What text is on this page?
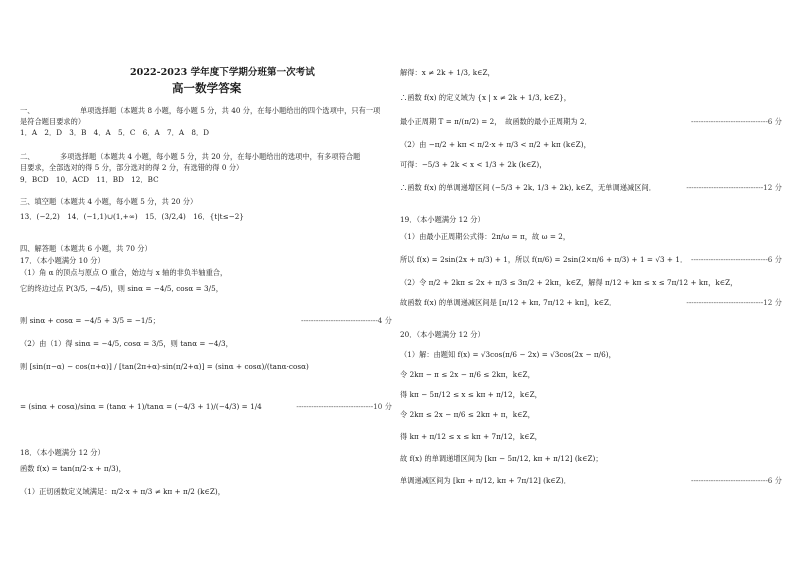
2022-2023 学年度下学期分班第一次考试
高一数学答案
单项选择题（本题共 8 小题，每小题 5 分，共 40 分，在每小题给出的四个选项中，只有一项
一、
是符合题目要求的）
1．A　2．D　3．B　4．A　5．C　6．A　7．A　8．D
二、	多项选择题（本题共 4 小题，每小题 5 分，共 20 分，在每小题给出的选项中，有多项符合题
目要求，全部选对的得 5 分，部分选对的得 2 分，有选错的得 0 分）
9．BCD　10．ACD　11．BD　12．BC
三、填空题（本题共 4 小题，每小题 5 分，共 20 分）
13．(−2,2)　14．(−1,1)∪(1,+∞)　15．(3/2,4)　16．{t|t≤−2}
四、解答题（本题共 6 小题，共 70 分）
17．（本小题满分 10 分）
（1）角 α 的顶点与原点 O 重合，始边与 x 轴的非负半轴重合，
它的终边过点 P(3/5, −4/5)，则 sinα = −4/5, cosα = 3/5，
则 sinα + cosα = −4/5 + 3/5 = −1/5；
（2）由（1）得 sinα = −4/5, cosα = 3/5，则 tanα = −4/3，
则 [sin(π−α) − cos(π+α)] / [tan(2π+α)·sin(π/2+α)] = (sinα + cosα)/(tanα·cosα)
= (sinα + cosα)/sinα = (tanα + 1)/tanα = (−4/3 + 1)/(−4/3) = 1/4
18．（本小题满分 12 分）
函数 f(x) = tan(π/2·x + π/3)，
（1）正切函数定义域满足：π/2·x + π/3 ≠ kπ + π/2 (k∈Z)，
-------------------------------4 分
-------------------------------10 分
解得：x ≠ 2k + 1/3, k∈Z，
∴函数 f(x) 的定义域为 {x | x ≠ 2k + 1/3, k∈Z}，
最小正周期 T = π/(π/2) = 2，　故函数的最小正周期为 2．
（2）由 −π/2 + kπ < π/2·x + π/3 < π/2 + kπ (k∈Z)，
可得：−5/3 + 2k < x < 1/3 + 2k (k∈Z)，
∴函数 f(x) 的单调递增区间 (−5/3 + 2k, 1/3 + 2k), k∈Z，无单调递减区间．
19．（本小题满分 12 分）
（1）由最小正周期公式得：2π/ω = π，故 ω = 2，
所以 f(x) = 2sin(2x + π/3) + 1，所以 f(π/6) = 2sin(2×π/6 + π/3) + 1 = √3 + 1．
（2）令 π/2 + 2kπ ≤ 2x + π/3 ≤ 3π/2 + 2kπ，k∈Z，解得 π/12 + kπ ≤ x ≤ 7π/12 + kπ，k∈Z，
故函数 f(x) 的单调递减区间是 [π/12 + kπ, 7π/12 + kπ]，k∈Z．
20．（本小题满分 12 分）
（1）解：由题知 f(x) = √3cos(π/6 − 2x) = √3cos(2x − π/6)，
令 2kπ − π ≤ 2x − π/6 ≤ 2kπ，k∈Z，
得 kπ − 5π/12 ≤ x ≤ kπ + π/12，k∈Z，
令 2kπ ≤ 2x − π/6 ≤ 2kπ + π，k∈Z，
得 kπ + π/12 ≤ x ≤ kπ + 7π/12，k∈Z，
故 f(x) 的单调递增区间为 [kπ − 5π/12, kπ + π/12] (k∈Z)；
单调递减区间为 [kπ + π/12, kπ + 7π/12] (k∈Z)．
-------------------------------6 分
-------------------------------12 分
-------------------------------6 分
-------------------------------12 分
-------------------------------6 分
